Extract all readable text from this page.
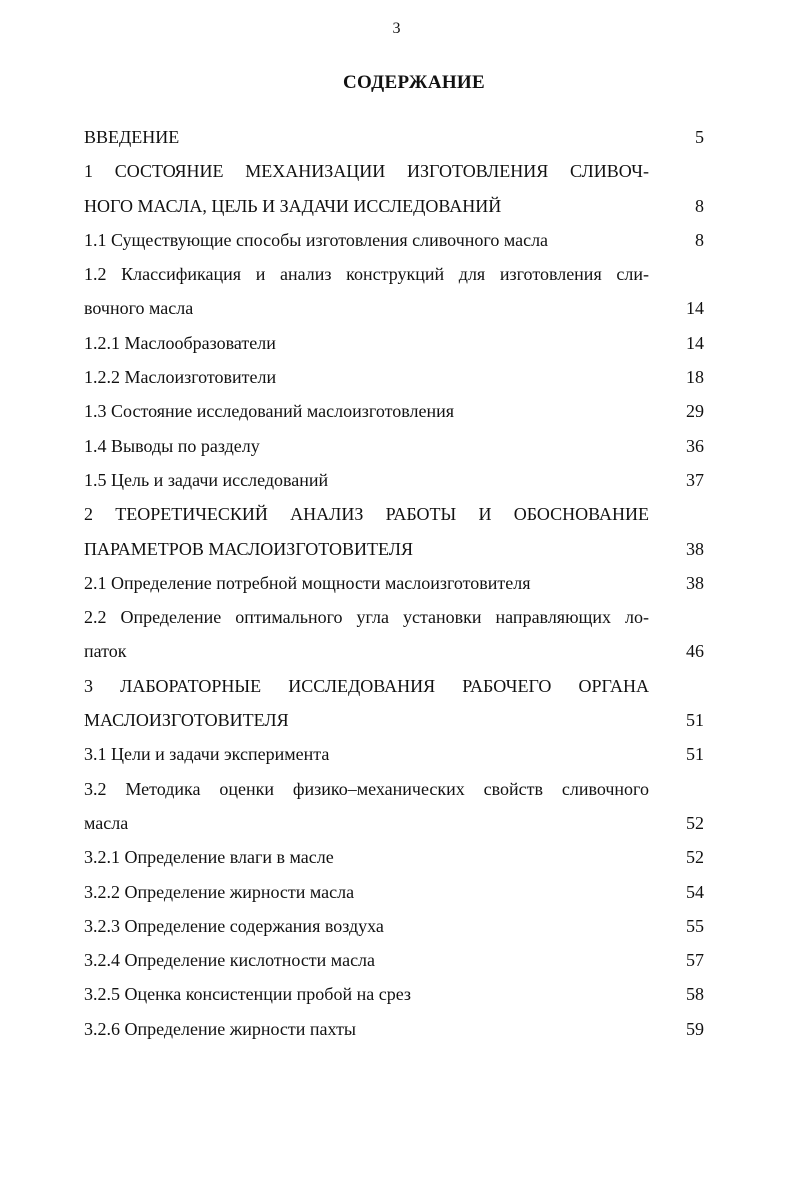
3
СОДЕРЖАНИЕ
ВВЕДЕНИЕ	5
1 СОСТОЯНИЕ МЕХАНИЗАЦИИ ИЗГОТОВЛЕНИЯ СЛИВОЧ-
НОГО МАСЛА, ЦЕЛЬ И ЗАДАЧИ ИССЛЕДОВАНИЙ	8
1.1 Существующие способы изготовления сливочного масла	8
1.2 Классификация и анализ конструкций для изготовления сли-
вочного масла	14
1.2.1 Маслообразователи	14
1.2.2 Маслоизготовители	18
1.3 Состояние исследований маслоизготовления	29
1.4 Выводы по разделу	36
1.5 Цель и задачи исследований	37
2 ТЕОРЕТИЧЕСКИЙ АНАЛИЗ РАБОТЫ И ОБОСНОВАНИЕ
ПАРАМЕТРОВ МАСЛОИЗГОТОВИТЕЛЯ	38
2.1 Определение потребной мощности маслоизготовителя	38
2.2 Определение оптимального угла установки направляющих ло-
паток	46
3 ЛАБОРАТОРНЫЕ ИССЛЕДОВАНИЯ РАБОЧЕГО ОРГАНА
МАСЛОИЗГОТОВИТЕЛЯ	51
3.1 Цели и задачи эксперимента	51
3.2 Методика оценки физико–механических свойств сливочного
масла	52
3.2.1 Определение влаги в масле	52
3.2.2 Определение жирности масла	54
3.2.3 Определение содержания воздуха	55
3.2.4 Определение кислотности масла	57
3.2.5 Оценка консистенции пробой на срез	58
3.2.6 Определение жирности пахты	59
